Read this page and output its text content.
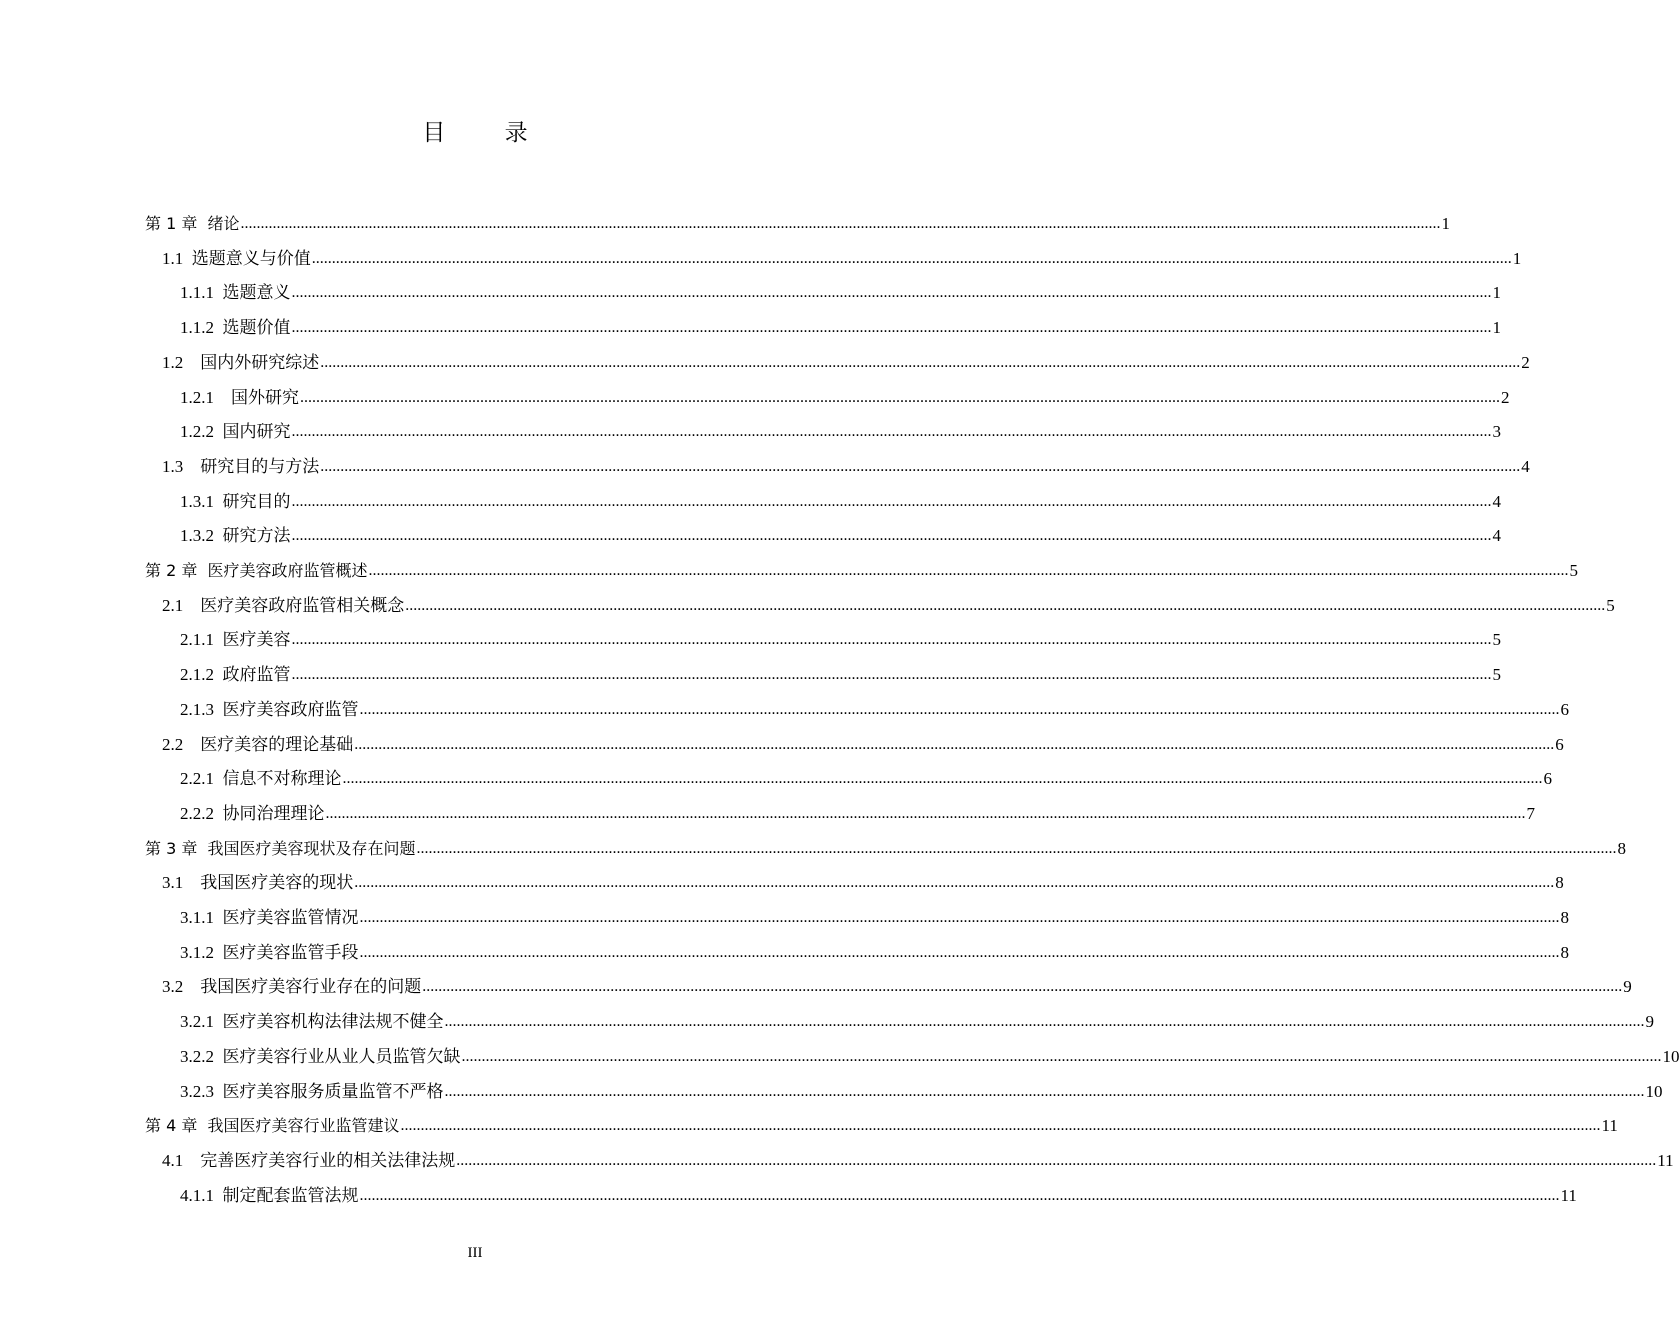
目 录
第 1 章 绪论 ............................................................................................................................................................................................................................................................................................................ 1
1.1 选题意义与价值 ............................................................................................................................................................................................................................................................................................................ 1
1.1.1 选题意义 ............................................................................................................................................................................................................................................................................................................ 1
1.1.2 选题价值 ............................................................................................................................................................................................................................................................................................................ 1
1.2 国内外研究综述 ............................................................................................................................................................................................................................................................................................................ 2
1.2.1 国外研究 ............................................................................................................................................................................................................................................................................................................ 2
1.2.2 国内研究 ............................................................................................................................................................................................................................................................................................................ 3
1.3 研究目的与方法 ............................................................................................................................................................................................................................................................................................................ 4
1.3.1 研究目的 ............................................................................................................................................................................................................................................................................................................ 4
1.3.2 研究方法 ............................................................................................................................................................................................................................................................................................................ 4
第 2 章 医疗美容政府监管概述 ............................................................................................................................................................................................................................................................................................................ 5
2.1 医疗美容政府监管相关概念 ............................................................................................................................................................................................................................................................................................................ 5
2.1.1 医疗美容 ............................................................................................................................................................................................................................................................................................................ 5
2.1.2 政府监管 ............................................................................................................................................................................................................................................................................................................ 5
2.1.3 医疗美容政府监管 ............................................................................................................................................................................................................................................................................................................ 6
2.2 医疗美容的理论基础 ............................................................................................................................................................................................................................................................................................................ 6
2.2.1 信息不对称理论 ............................................................................................................................................................................................................................................................................................................ 6
2.2.2 协同治理理论 ............................................................................................................................................................................................................................................................................................................ 7
第 3 章 我国医疗美容现状及存在问题 ............................................................................................................................................................................................................................................................................................................ 8
3.1 我国医疗美容的现状 ............................................................................................................................................................................................................................................................................................................ 8
3.1.1 医疗美容监管情况 ............................................................................................................................................................................................................................................................................................................ 8
3.1.2 医疗美容监管手段 ............................................................................................................................................................................................................................................................................................................ 8
3.2 我国医疗美容行业存在的问题 ............................................................................................................................................................................................................................................................................................................ 9
3.2.1 医疗美容机构法律法规不健全 ............................................................................................................................................................................................................................................................................................................ 9
3.2.2 医疗美容行业从业人员监管欠缺 ............................................................................................................................................................................................................................................................................................................ 10
3.2.3 医疗美容服务质量监管不严格 ............................................................................................................................................................................................................................................................................................................ 10
第 4 章 我国医疗美容行业监管建议 ............................................................................................................................................................................................................................................................................................................ 11
4.1 完善医疗美容行业的相关法律法规 ............................................................................................................................................................................................................................................................................................................ 11
4.1.1 制定配套监管法规 ............................................................................................................................................................................................................................................................................................................ 11
III
